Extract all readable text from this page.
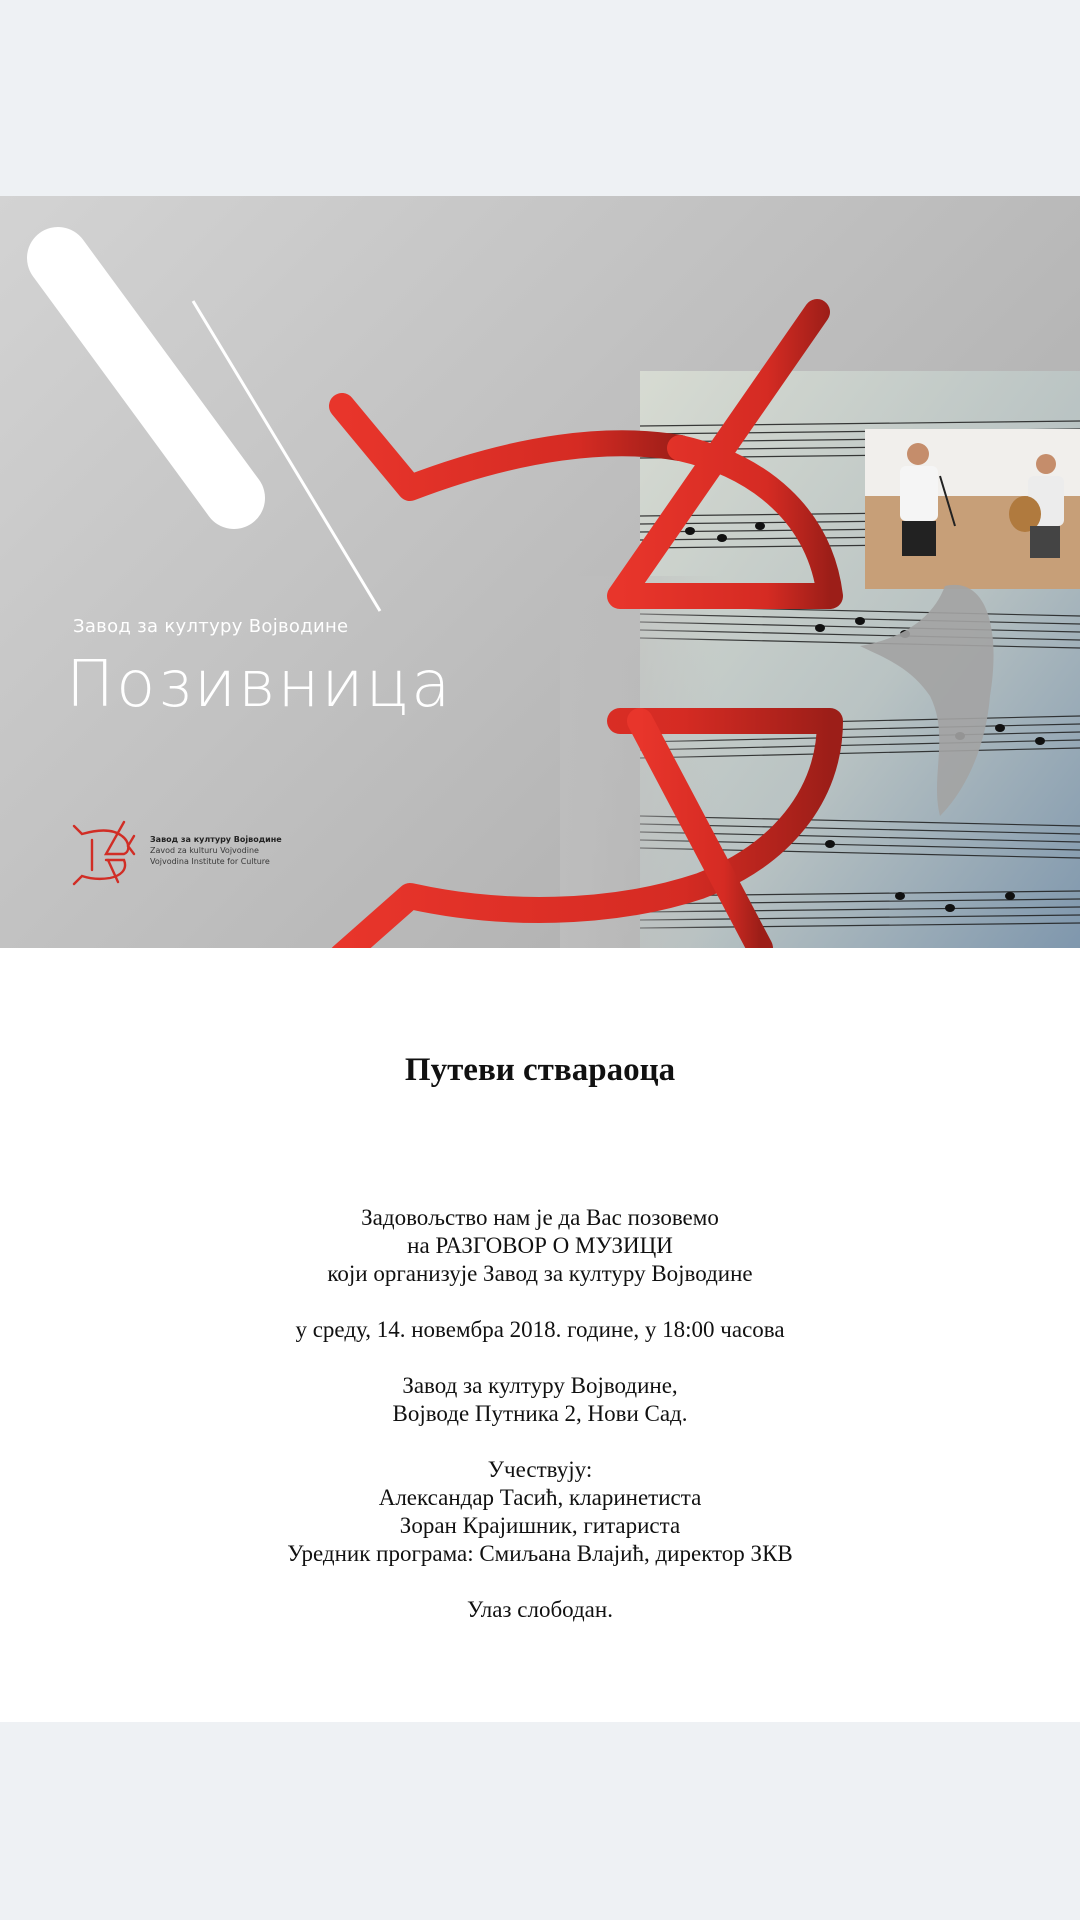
Завод за културу Војводине
Позивница
Завод за културу Војводине
Zavod za kulturu Vojvodine
Vojvodina Institute for Culture
Путеви ствараоца
Задовољство нам је да Вас позовемо
на РАЗГОВОР О МУЗИЦИ
који организује Завод за културу Војводине
у среду, 14. новембра 2018. године, у 18:00 часова
Завод за културу Војводине,
Војводе Путника 2, Нови Сад.
Учествују:
Александар Тасић, кларинетиста
Зоран Крајишник, гитариста
Уредник програма: Смиљана Влајић, директор ЗКВ
Улаз слободан.
